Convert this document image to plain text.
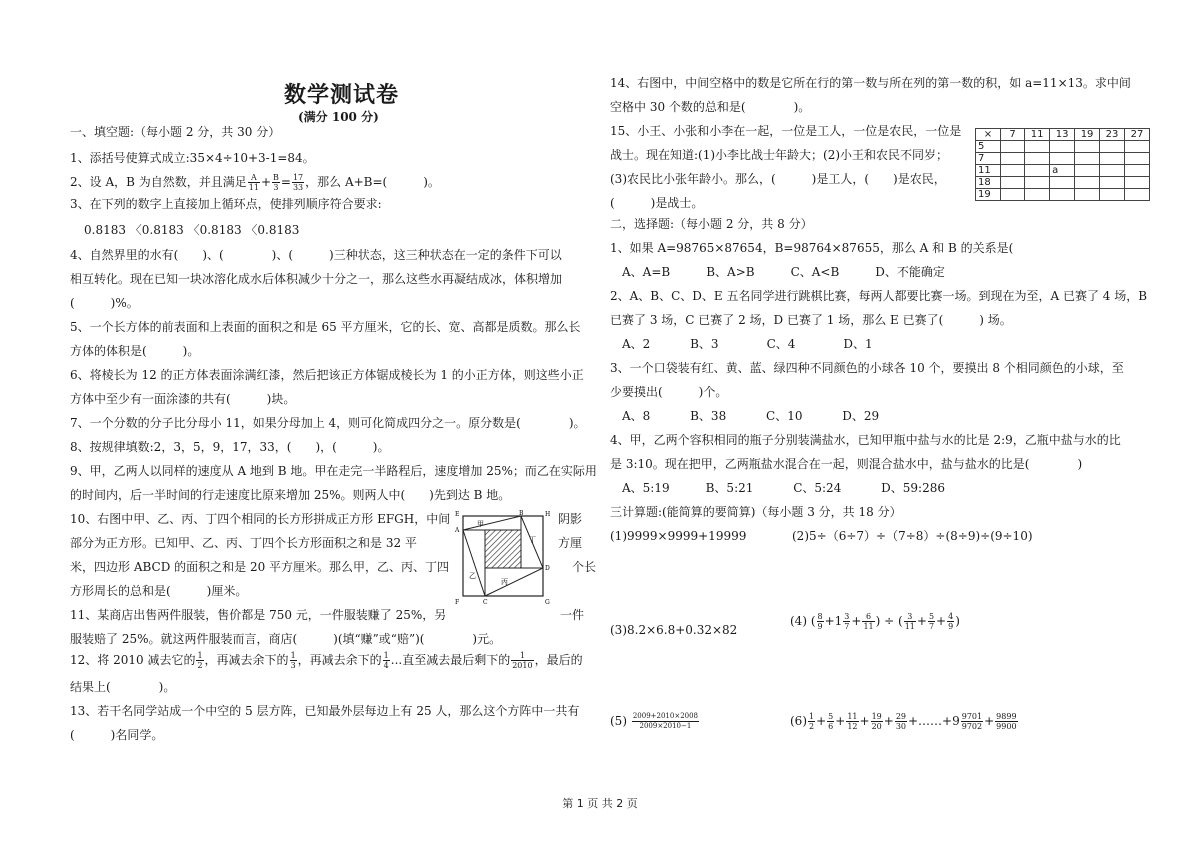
数学测试卷
(满分 100 分)
一、填空题:（每小题 2 分，共 30 分）
1、添括号使算式成立:35×4÷10+3-1=84。
3、在下列的数字上直接加上循环点，使排列顺序符合要求:
0.8183 〈0.8183 〈0.8183 〈0.8183
4、自然界里的水有(　　)、(　　　　)、(　　　)三种状态，这三种状态在一定的条件下可以
相互转化。现在已知一块冰溶化成水后体积减少十分之一，那么这些水再凝结成冰，体积增加
(　　　)%。
5、一个长方体的前表面和上表面的面积之和是 65 平方厘米，它的长、宽、高都是质数。那么长
方体的体积是(　　　)。
6、将棱长为 12 的正方体表面涂满红漆，然后把该正方体锯成棱长为 1 的小正方体，则这些小正
方体中至少有一面涂漆的共有(　　　)块。
7、一个分数的分子比分母小 11，如果分母加上 4，则可化简成四分之一。原分数是(　　　　)。
8、按规律填数:2，3，5，9，17，33，(　　)，(　　　)。
9、甲，乙两人以同样的速度从 A 地到 B 地。甲在走完一半路程后，速度增加 25%；而乙在实际用
的时间内，后一半时间的行走速度比原来增加 25%。则两人中(　　)先到达 B 地。
10、右图中甲、乙、丙、丁四个相同的长方形拼成正方形 EFGH，中间	阴影
部分为正方形。已知甲、乙、丙、丁四个长方形面积之和是 32 平	方厘
米，四边形 ABCD 的面积之和是 20 平方厘米。那么甲，乙、丙、丁四	个长
方形周长的总和是(　　　)厘米。
11、某商店出售两件服装，售价都是 750 元，一件服装赚了 25%，另	一件
服装赔了 25%。就这两件服装而言，商店(　　　)(填“赚”或“赔”)(　　　　)元。
结果上(　　　　)。
13、若干名同学站成一个中空的 5 层方阵，已知最外层每边上有 25 人，那么这个方阵中一共有
(　　　)名同学。
2、设 A，B 为自然数，并且满足 $\frac{A}{11} + \frac{B}{3} = \frac{17}{33}$ ，那么 A+B=(　　　)。
12、将 2010 减去它的 $\frac{1}{2}$ ，再减去余下的 $\frac{1}{3}$ ，再减去余下的 $\frac{1}{4}$ ...直至减去最后剩下的 $\frac{1}{2010}$ ，最后的
E	H
F	G
A
B
C
D
甲
乙
丙
丁
14、右图中，中间空格中的数是它所在行的第一数与所在列的第一数的积，如 a=11×13。求中间
空格中 30 个数的总和是(　　　　)。
15、小王、小张和小李在一起，一位是工人，一位是农民，一位是
战士。现在知道:(1)小李比战士年龄大；(2)小王和农民不同岁；
(3)农民比小张年龄小。那么，(　　　)是工人，(　　)是农民，
(　　　)是战士。
二，选择题:（每小题 2 分，共 8 分）
1、如果 A=98765×87654，B=98764×87655，那么 A 和 B 的关系是(
A、A=B　　　B、A>B　　　C、A<B　　　D、不能确定
2、A、B、C、D、E 五名同学进行跳棋比赛，每两人都要比赛一场。到现在为至，A 已赛了 4 场，B
已赛了 3 场，C 已赛了 2 场，D 已赛了 1 场，那么 E 已赛了(　　　) 场。
A、2　　　 B、3　　　　C、4　　　　D、1
3、一个口袋装有红、黄、蓝、绿四种不同颜色的小球各 10 个，要摸出 8 个相同颜色的小球，至
少要摸出(　　　)个。
A、8　　　 B、38　　　 C、10　　　 D、29
4、甲，乙两个容积相同的瓶子分别装满盐水，已知甲瓶中盐与水的比是 2:9，乙瓶中盐与水的比
是 3:10。现在把甲，乙两瓶盐水混合在一起，则混合盐水中，盐与盐水的比是(　　　　)
A、5:19　　　B、5:21　　　 C、5:24　　　 D、59:286
三计算题:(能简算的要简算)（每小题 3 分，共 18 分）
(1)9999×9999+19999	(2)5÷（6÷7）÷（7÷8）÷(8÷9)÷(9÷10)
(3)8.2×6.8+0.32×82
×	7	11	13	19	23	27
5						
7						
11			a			
18						
19						
(4) ( $\frac{8}{9} +1 \frac{3}{7} + \frac{6}{11}$ ) ÷ ( $\frac{3}{11} + \frac{5}{7} + \frac{4}{9}$ )
$(5) \frac{2009+2010\times 2008}{2009\times 2010-1}$	$(6) \frac{1}{2} + \frac{5}{6} + \frac{11}{12} + \frac{19}{20} + \frac{29}{30}$ +……+9 $\frac{9701}{9702} + \frac{9899}{9900}$
第 1 页 共 2 页
